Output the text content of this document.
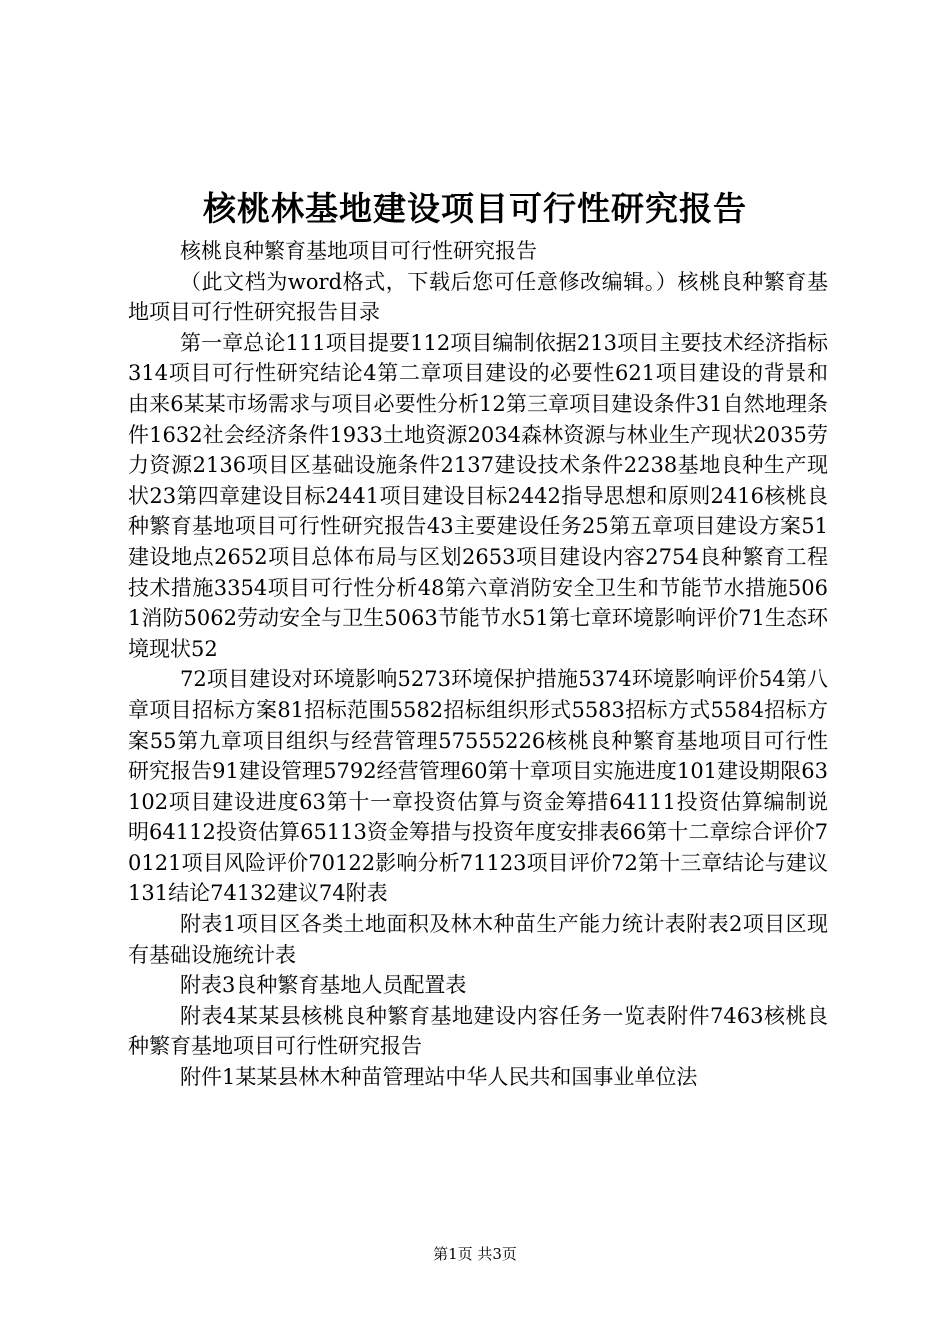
核桃林基地建设项目可行性研究报告

核桃良种繁育基地项目可行性研究报告

（此文档为word格式，下载后您可任意修改编辑。）核桃良种繁育基地项目可行性研究报告目录

第一章总论111项目提要112项目编制依据213项目主要技术经济指标314项目可行性研究结论4第二章项目建设的必要性621项目建设的背景和由来6某某市场需求与项目必要性分析12第三章项目建设条件31自然地理条件1632社会经济条件1933土地资源2034森林资源与林业生产现状2035劳力资源2136项目区基础设施条件2137建设技术条件2238基地良种生产现状23第四章建设目标2441项目建设目标2442指导思想和原则2416核桃良种繁育基地项目可行性研究报告43主要建设任务25第五章项目建设方案51建设地点2652项目总体布局与区划2653项目建设内容2754良种繁育工程技术措施3354项目可行性分析48第六章消防安全卫生和节能节水措施5061消防5062劳动安全与卫生5063节能节水51第七章环境影响评价71生态环境现状52

72项目建设对环境影响5273环境保护措施5374环境影响评价54第八章项目招标方案81招标范围5582招标组织形式5583招标方式5584招标方案55第九章项目组织与经营管理57555226核桃良种繁育基地项目可行性研究报告91建设管理5792经营管理60第十章项目实施进度101建设期限63102项目建设进度63第十一章投资估算与资金筹措64111投资估算编制说明64112投资估算65113资金筹措与投资年度安排表66第十二章综合评价70121项目风险评价70122影响分析71123项目评价72第十三章结论与建议131结论74132建议74附表

附表1项目区各类土地面积及林木种苗生产能力统计表附表2项目区现有基础设施统计表

附表3良种繁育基地人员配置表

附表4某某县核桃良种繁育基地建设内容任务一览表附件7463核桃良种繁育基地项目可行性研究报告

附件1某某县林木种苗管理站中华人民共和国事业单位法

第1页 共3页
